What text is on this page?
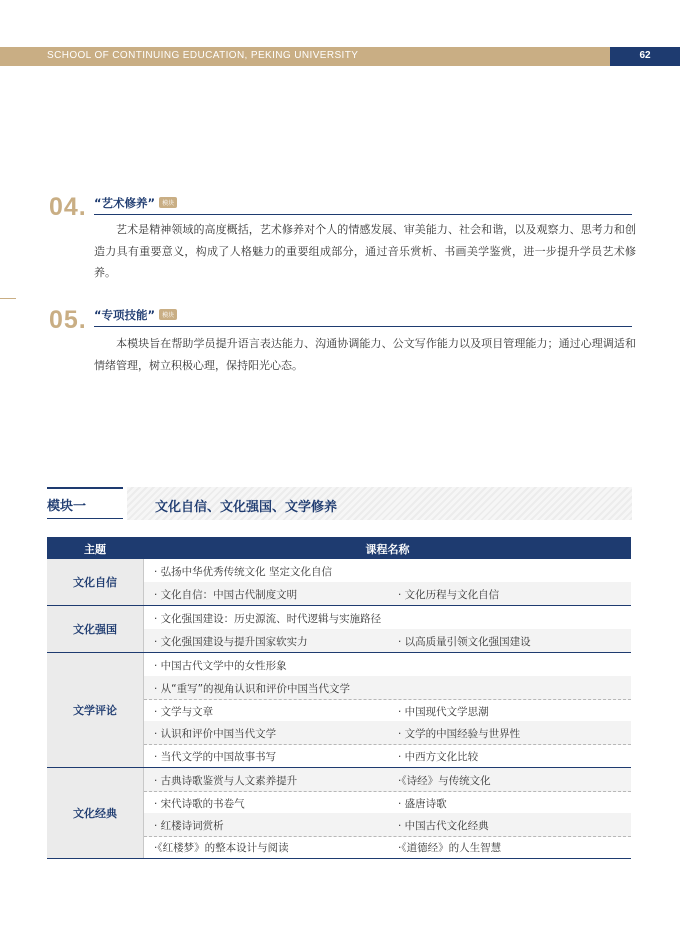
SCHOOL OF CONTINUING EDUCATION, PEKING UNIVERSITY	62
04. “艺术修养” 模块
艺术是精神领域的高度概括，艺术修养对个人的情感发展、审美能力、社会和谐，以及观察力、思考力和创造力具有重要意义，构成了人格魅力的重要组成部分，通过音乐赏析、书画美学鉴赏，进一步提升学员艺术修养。
05. “专项技能” 模块
本模块旨在帮助学员提升语言表达能力、沟通协调能力、公文写作能力以及项目管理能力；通过心理调适和情绪管理，树立积极心理，保持阳光心态。
模块一	文化自信、文化强国、文学修养
主题	课程名称
文化自信
· 弘扬中华优秀传统文化 坚定文化自信
· 文化自信：中国古代制度文明	· 文化历程与文化自信
文化强国
· 文化强国建设：历史源流、时代逻辑与实施路径
· 文化强国建设与提升国家软实力	· 以高质量引领文化强国建设
文学评论
· 中国古代文学中的女性形象
· 从“重写”的视角认识和评价中国当代文学
· 文学与文章	· 中国现代文学思潮
· 认识和评价中国当代文学	· 文学的中国经验与世界性
· 当代文学的中国故事书写	· 中西方文化比较
文化经典
· 古典诗歌鉴赏与人文素养提升	·《诗经》与传统文化
· 宋代诗歌的书卷气	· 盛唐诗歌
· 红楼诗词赏析	· 中国古代文化经典
·《红楼梦》的整本设计与阅读	·《道德经》的人生智慧
